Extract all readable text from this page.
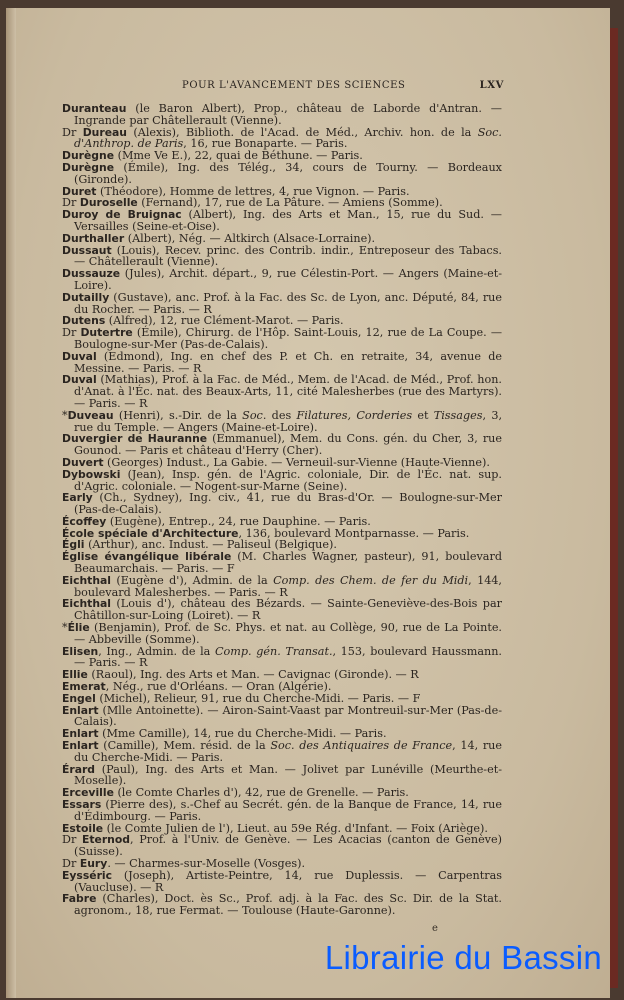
POUR L'AVANCEMENT DES SCIENCES	LXV

Duranteau (le Baron Albert), Prop., château de Laborde d'Antran. — Ingrande par Châtellerault (Vienne).

Dr Dureau (Alexis), Biblioth. de l'Acad. de Méd., Archiv. hon. de la Soc. d'Anthrop. de Paris, 16, rue Bonaparte. — Paris.

Durègne (Mme Ve E.), 22, quai de Béthune. — Paris.

Durègne (Émile), Ing. des Télég., 34, cours de Tourny. — Bordeaux (Gironde).

Duret (Théodore), Homme de lettres, 4, rue Vignon. — Paris.

Dr Duroselle (Fernand), 17, rue de La Pâture. — Amiens (Somme).

Duroy de Bruignac (Albert), Ing. des Arts et Man., 15, rue du Sud. — Versailles (Seine-et-Oise).

Durthaller (Albert), Nég. — Altkirch (Alsace-Lorraine).

Dussaut (Louis), Recev. princ. des Contrib. indir., Entreposeur des Tabacs. — Châtellerault (Vienne).

Dussauze (Jules), Archit. départ., 9, rue Célestin-Port. — Angers (Maine-et-Loire).

Dutailly (Gustave), anc. Prof. à la Fac. des Sc. de Lyon, anc. Député, 84, rue du Rocher. — Paris. — R

Dutens (Alfred), 12, rue Clément-Marot. — Paris.

Dr Dutertre (Émile), Chirurg. de l'Hôp. Saint-Louis, 12, rue de La Coupe. — Boulogne-sur-Mer (Pas-de-Calais).

Duval (Edmond), Ing. en chef des P. et Ch. en retraite, 34, avenue de Messine. — Paris. — R

Duval (Mathias), Prof. à la Fac. de Méd., Mem. de l'Acad. de Méd., Prof. hon. d'Anat. à l'Éc. nat. des Beaux-Arts, 11, cité Malesherbes (rue des Martyrs). — Paris. — R

*Duveau (Henri), s.-Dir. de la Soc. des Filatures, Corderies et Tissages, 3, rue du Temple. — Angers (Maine-et-Loire).

Duvergier de Hauranne (Emmanuel), Mem. du Cons. gén. du Cher, 3, rue Gounod. — Paris et château d'Herry (Cher).

Duvert (Georges) Indust., La Gabie. — Verneuil-sur-Vienne (Haute-Vienne).

Dybowski (Jean), Insp. gén. de l'Agric. coloniale, Dir. de l'Éc. nat. sup. d'Agric. coloniale. — Nogent-sur-Marne (Seine).

Early (Ch., Sydney), Ing. civ., 41, rue du Bras-d'Or. — Boulogne-sur-Mer (Pas-de-Calais).

Écoffey (Eugène), Entrep., 24, rue Dauphine. — Paris.

École spéciale d'Architecture, 136, boulevard Montparnasse. — Paris.

Égli (Arthur), anc. Indust. — Paliseul (Belgique).

Église évangélique libérale (M. Charles Wagner, pasteur), 91, boulevard Beaumarchais. — Paris. — F

Eichthal (Eugène d'), Admin. de la Comp. des Chem. de fer du Midi, 144, boulevard Malesherbes. — Paris. — R

Eichthal (Louis d'), château des Bézards. — Sainte-Geneviève-des-Bois par Châtillon-sur-Loing (Loiret). — R

*Élie (Benjamin), Prof. de Sc. Phys. et nat. au Collège, 90, rue de La Pointe. — Abbeville (Somme).

Elisen, Ing., Admin. de la Comp. gén. Transat., 153, boulevard Haussmann. — Paris. — R

Ellie (Raoul), Ing. des Arts et Man. — Cavignac (Gironde). — R

Emerat, Nég., rue d'Orléans. — Oran (Algérie).

Engel (Michel), Relieur, 91, rue du Cherche-Midi. — Paris. — F

Enlart (Mlle Antoinette). — Airon-Saint-Vaast par Montreuil-sur-Mer (Pas-de-Calais).

Enlart (Mme Camille), 14, rue du Cherche-Midi. — Paris.

Enlart (Camille), Mem. résid. de la Soc. des Antiquaires de France, 14, rue du Cherche-Midi. — Paris.

Érard (Paul), Ing. des Arts et Man. — Jolivet par Lunéville (Meurthe-et-Moselle).

Erceville (le Comte Charles d'), 42, rue de Grenelle. — Paris.

Essars (Pierre des), s.-Chef au Secrét. gén. de la Banque de France, 14, rue d'Édimbourg. — Paris.

Estoile (le Comte Julien de l'), Lieut. au 59e Rég. d'Infant. — Foix (Ariège).

Dr Eternod, Prof. à l'Univ. de Genève. — Les Acacias (canton de Genève) (Suisse).

Dr Eury. — Charmes-sur-Moselle (Vosges).

Eysséric (Joseph), Artiste-Peintre, 14, rue Duplessis. — Carpentras (Vaucluse). — R

Fabre (Charles), Doct. ès Sc., Prof. adj. à la Fac. des Sc. Dir. de la Stat. agronom., 18, rue Fermat. — Toulouse (Haute-Garonne).

e
Librairie du Bassin
